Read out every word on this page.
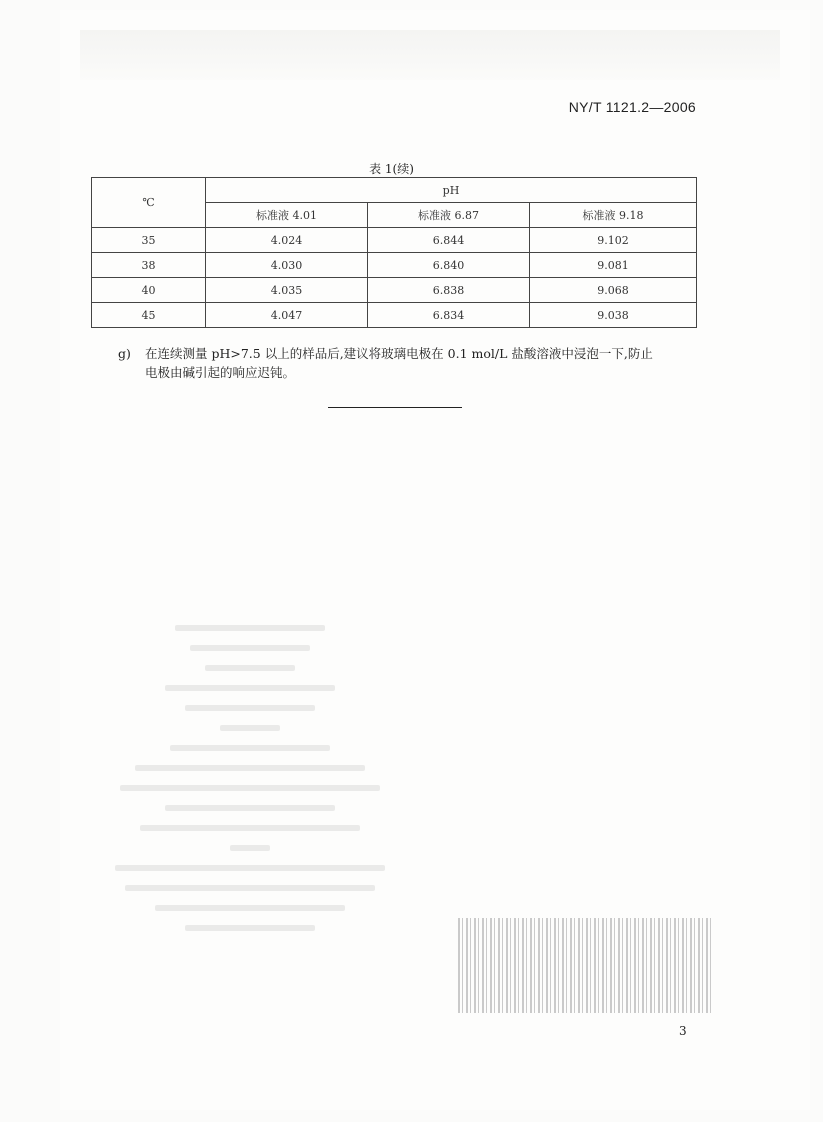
NY/T 1121.2—2006
表 1(续)
℃	pH		
	标准液 4.01	标准液 6.87	标准液 9.18
35	4.024	6.844	9.102
38	4.030	6.840	9.081
40	4.035	6.838	9.068
45	4.047	6.834	9.038
g) 在连续测量 pH>7.5 以上的样品后,建议将玻璃电极在 0.1 mol/L 盐酸溶液中浸泡一下,防止
电极由碱引起的响应迟钝。
3
